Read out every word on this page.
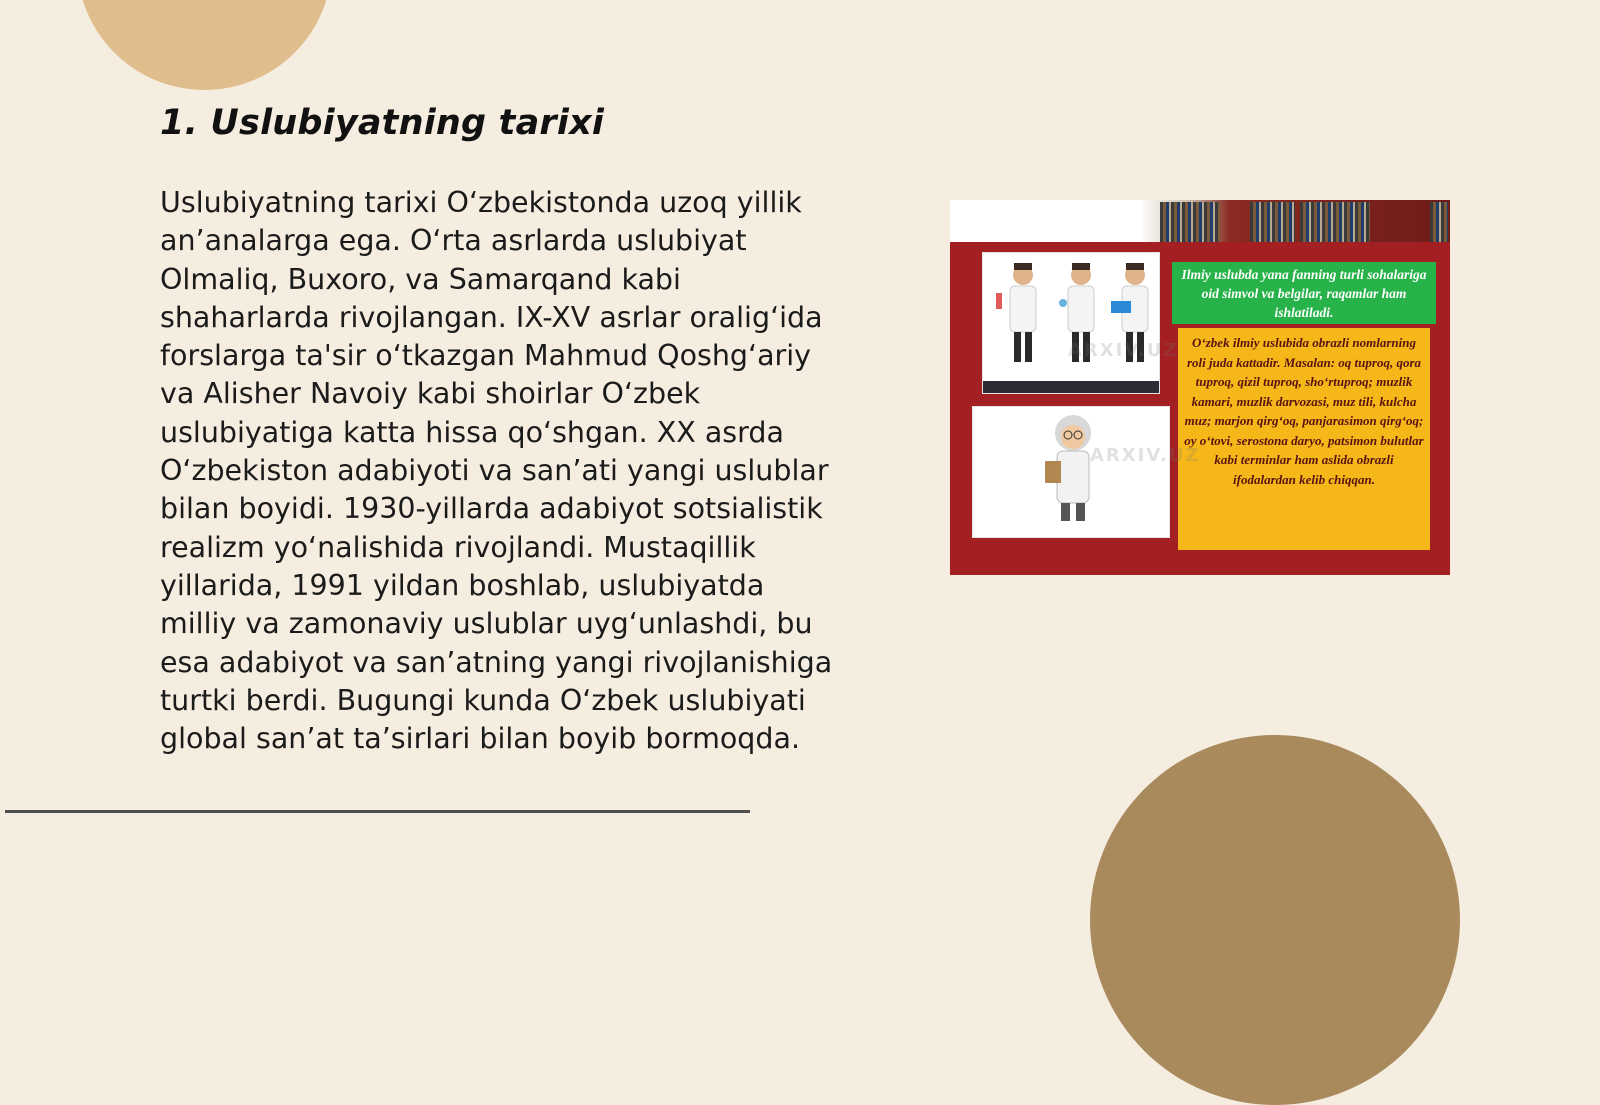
1. Uslubiyatning tarixi

Uslubiyatning tarixi O‘zbekistonda uzoq yillik an’analarga ega. O‘rta asrlarda uslubiyat Olmaliq, Buxoro, va Samarqand kabi shaharlarda rivojlangan. IX-XV asrlar oralig‘ida forslarga ta'sir o‘tkazgan Mahmud Qoshg‘ariy va Alisher Navoiy kabi shoirlar O‘zbek uslubiyatiga katta hissa qo‘shgan. XX asrda O‘zbekiston adabiyoti va san’ati yangi uslublar bilan boyidi. 1930-yillarda adabiyot sotsialistik realizm yo‘nalishida rivojlandi. Mustaqillik yillarida, 1991 yildan boshlab, uslubiyatda milliy va zamonaviy uslublar uyg‘unlashdi, bu esa adabiyot va san’atning yangi rivojlanishiga turtki berdi. Bugungi kunda O‘zbek uslubiyati global san’at ta’sirlari bilan boyib bormoqda.

Ilmiy uslubda yana fanning turli sohalariga oid simvol va belgilar, raqamlar ham ishlatiladi.
O‘zbek ilmiy uslubida obrazli nomlarning roli juda kattadir. Masalan: oq tuproq, qora tuproq, qizil tuproq, sho‘rtuproq; muzlik kamari, muzlik darvozasi, muz tili, kulcha muz; marjon qirg‘oq, panjarasimon qirg‘oq; oy o‘tovi, serostona daryo, patsimon bulutlar kabi terminlar ham aslida obrazli ifodalardan kelib chiqqan.
ARXIV.UZ
ARXIV.UZ
